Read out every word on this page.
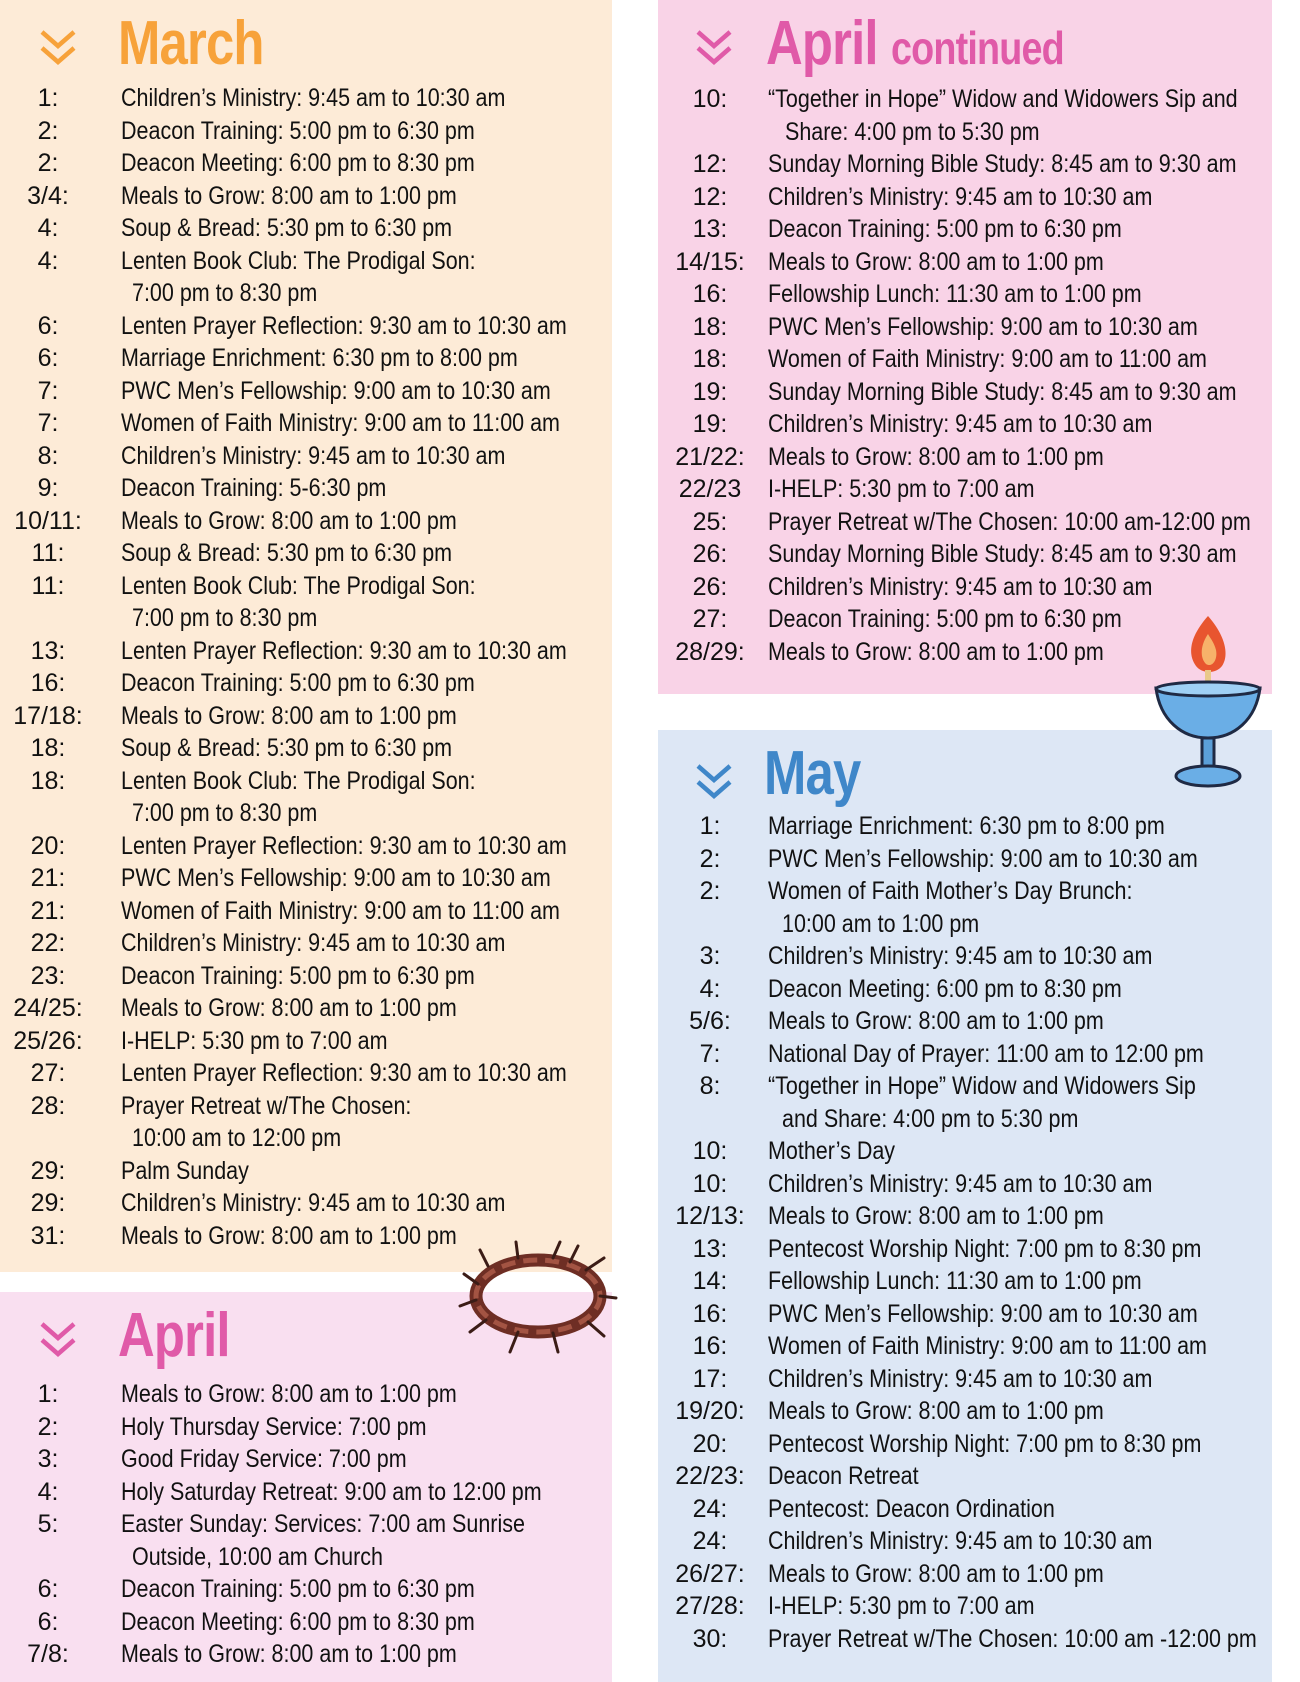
March
1:	Children’s Ministry: 9:45 am to 10:30 am
2:	Deacon Training: 5:00 pm to 6:30 pm
2:	Deacon Meeting: 6:00 pm to 8:30 pm
3/4:	Meals to Grow: 8:00 am to 1:00 pm
4:	Soup & Bread: 5:30 pm to 6:30 pm
4:	Lenten Book Club: The Prodigal Son:
7:00 pm to 8:30 pm
6:	Lenten Prayer Reflection: 9:30 am to 10:30 am
6:	Marriage Enrichment: 6:30 pm to 8:00 pm
7:	PWC Men’s Fellowship: 9:00 am to 10:30 am
7:	Women of Faith Ministry: 9:00 am to 11:00 am
8:	Children’s Ministry: 9:45 am to 10:30 am
9:	Deacon Training: 5-6:30 pm
10/11:	Meals to Grow: 8:00 am to 1:00 pm
11:	Soup & Bread: 5:30 pm to 6:30 pm
11:	Lenten Book Club: The Prodigal Son:
7:00 pm to 8:30 pm
13:	Lenten Prayer Reflection: 9:30 am to 10:30 am
16:	Deacon Training: 5:00 pm to 6:30 pm
17/18:	Meals to Grow: 8:00 am to 1:00 pm
18:	Soup & Bread: 5:30 pm to 6:30 pm
18:	Lenten Book Club: The Prodigal Son:
7:00 pm to 8:30 pm
20:	Lenten Prayer Reflection: 9:30 am to 10:30 am
21:	PWC Men’s Fellowship: 9:00 am to 10:30 am
21:	Women of Faith Ministry: 9:00 am to 11:00 am
22:	Children’s Ministry: 9:45 am to 10:30 am
23:	Deacon Training: 5:00 pm to 6:30 pm
24/25:	Meals to Grow: 8:00 am to 1:00 pm
25/26:	I-HELP: 5:30 pm to 7:00 am
27:	Lenten Prayer Reflection: 9:30 am to 10:30 am
28:	Prayer Retreat w/The Chosen:
10:00 am to 12:00 pm
29:	Palm Sunday
29:	Children’s Ministry: 9:45 am to 10:30 am
31:	Meals to Grow: 8:00 am to 1:00 pm
April
1:	Meals to Grow: 8:00 am to 1:00 pm
2:	Holy Thursday Service: 7:00 pm
3:	Good Friday Service: 7:00 pm
4:	Holy Saturday Retreat: 9:00 am to 12:00 pm
5:	Easter Sunday: Services: 7:00 am Sunrise
Outside, 10:00 am Church
6:	Deacon Training: 5:00 pm to 6:30 pm
6:	Deacon Meeting: 6:00 pm to 8:30 pm
7/8:	Meals to Grow: 8:00 am to 1:00 pm
April continued
10:	“Together in Hope” Widow and Widowers Sip and
Share: 4:00 pm to 5:30 pm
12:	Sunday Morning Bible Study: 8:45 am to 9:30 am
12:	Children’s Ministry: 9:45 am to 10:30 am
13:	Deacon Training: 5:00 pm to 6:30 pm
14/15: Meals to Grow: 8:00 am to 1:00 pm
16:	Fellowship Lunch: 11:30 am to 1:00 pm
18:	PWC Men’s Fellowship: 9:00 am to 10:30 am
18:	Women of Faith Ministry: 9:00 am to 11:00 am
19:	Sunday Morning Bible Study: 8:45 am to 9:30 am
19:	Children’s Ministry: 9:45 am to 10:30 am
21/22: Meals to Grow: 8:00 am to 1:00 pm
22/23	I-HELP: 5:30 pm to 7:00 am
25:	Prayer Retreat w/The Chosen: 10:00 am-12:00 pm
26:	Sunday Morning Bible Study: 8:45 am to 9:30 am
26:	Children’s Ministry: 9:45 am to 10:30 am
27:	Deacon Training: 5:00 pm to 6:30 pm
28/29: Meals to Grow: 8:00 am to 1:00 pm
May
1:	Marriage Enrichment: 6:30 pm to 8:00 pm
2:	PWC Men’s Fellowship: 9:00 am to 10:30 am
2:	Women of Faith Mother’s Day Brunch:
10:00 am to 1:00 pm
3:	Children’s Ministry: 9:45 am to 10:30 am
4:	Deacon Meeting: 6:00 pm to 8:30 pm
5/6:	Meals to Grow: 8:00 am to 1:00 pm
7:	National Day of Prayer: 11:00 am to 12:00 pm
8:	“Together in Hope” Widow and Widowers Sip
and Share: 4:00 pm to 5:30 pm
10:	Mother’s Day
10:	Children’s Ministry: 9:45 am to 10:30 am
12/13: Meals to Grow: 8:00 am to 1:00 pm
13:	Pentecost Worship Night: 7:00 pm to 8:30 pm
14:	Fellowship Lunch: 11:30 am to 1:00 pm
16:	PWC Men’s Fellowship: 9:00 am to 10:30 am
16:	Women of Faith Ministry: 9:00 am to 11:00 am
17:	Children’s Ministry: 9:45 am to 10:30 am
19/20: Meals to Grow: 8:00 am to 1:00 pm
20:	Pentecost Worship Night: 7:00 pm to 8:30 pm
22/23: Deacon Retreat
24:	Pentecost: Deacon Ordination
24:	Children’s Ministry: 9:45 am to 10:30 am
26/27: Meals to Grow: 8:00 am to 1:00 pm
27/28: I-HELP: 5:30 pm to 7:00 am
30:	Prayer Retreat w/The Chosen: 10:00 am -12:00 pm
